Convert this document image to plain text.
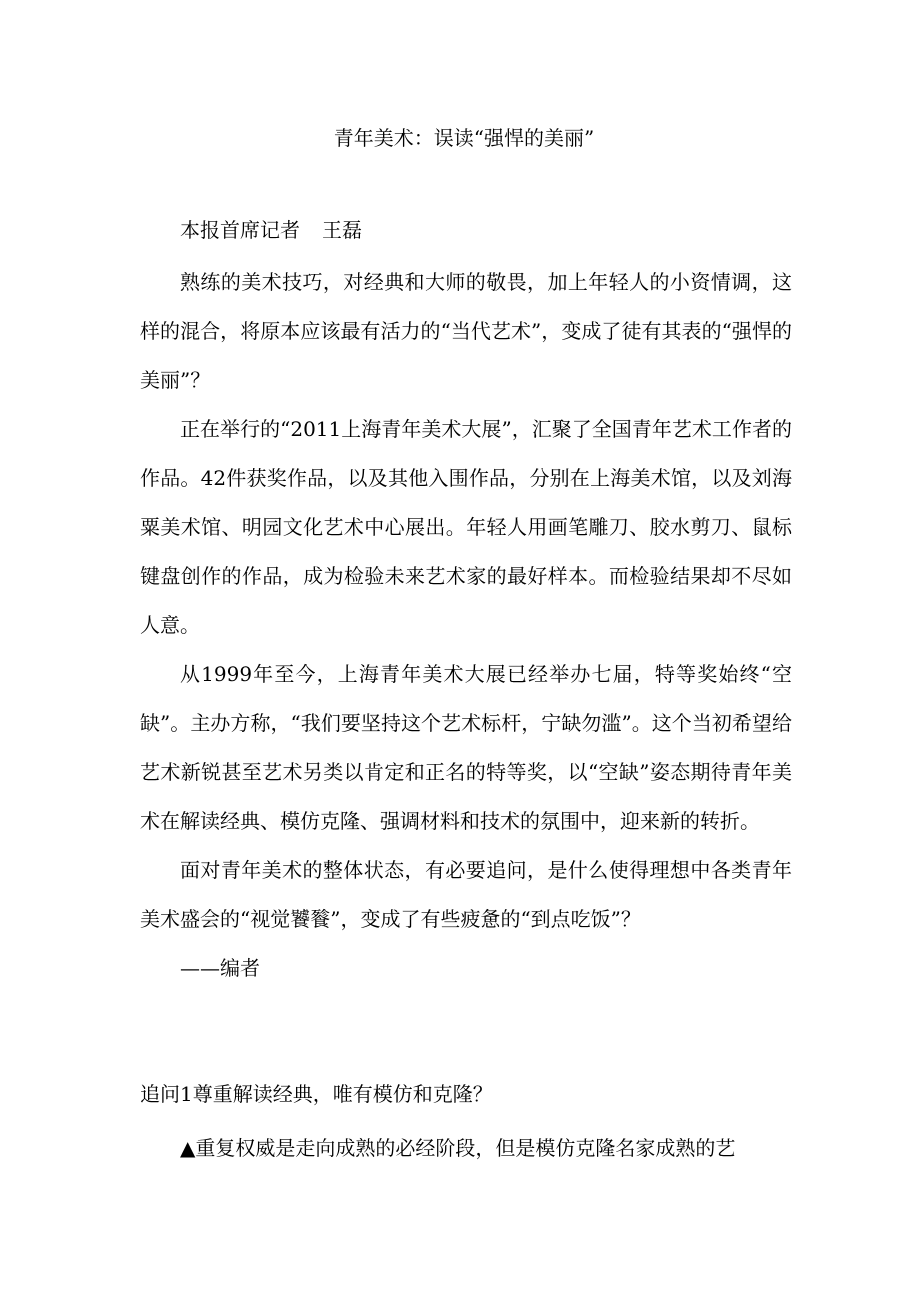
青年美术：误读“强悍的美丽”
本报首席记者 王磊

熟练的美术技巧，对经典和大师的敬畏，加上年轻人的小资情调，这样的混合，将原本应该最有活力的“当代艺术”，变成了徒有其表的“强悍的美丽”？

正在举行的“2011上海青年美术大展”，汇聚了全国青年艺术工作者的作品。42件获奖作品，以及其他入围作品，分别在上海美术馆，以及刘海粟美术馆、明园文化艺术中心展出。年轻人用画笔雕刀、胶水剪刀、鼠标键盘创作的作品，成为检验未来艺术家的最好样本。而检验结果却不尽如人意。

从1999年至今，上海青年美术大展已经举办七届，特等奖始终“空缺”。主办方称，“我们要坚持这个艺术标杆，宁缺勿滥”。这个当初希望给艺术新锐甚至艺术另类以肯定和正名的特等奖，以“空缺”姿态期待青年美术在解读经典、模仿克隆、强调材料和技术的氛围中，迎来新的转折。

面对青年美术的整体状态，有必要追问，是什么使得理想中各类青年美术盛会的“视觉饕餮”，变成了有些疲惫的“到点吃饭”？

——编者

追问1尊重解读经典，唯有模仿和克隆？
▲重复权威是走向成熟的必经阶段，但是模仿克隆名家成熟的艺
